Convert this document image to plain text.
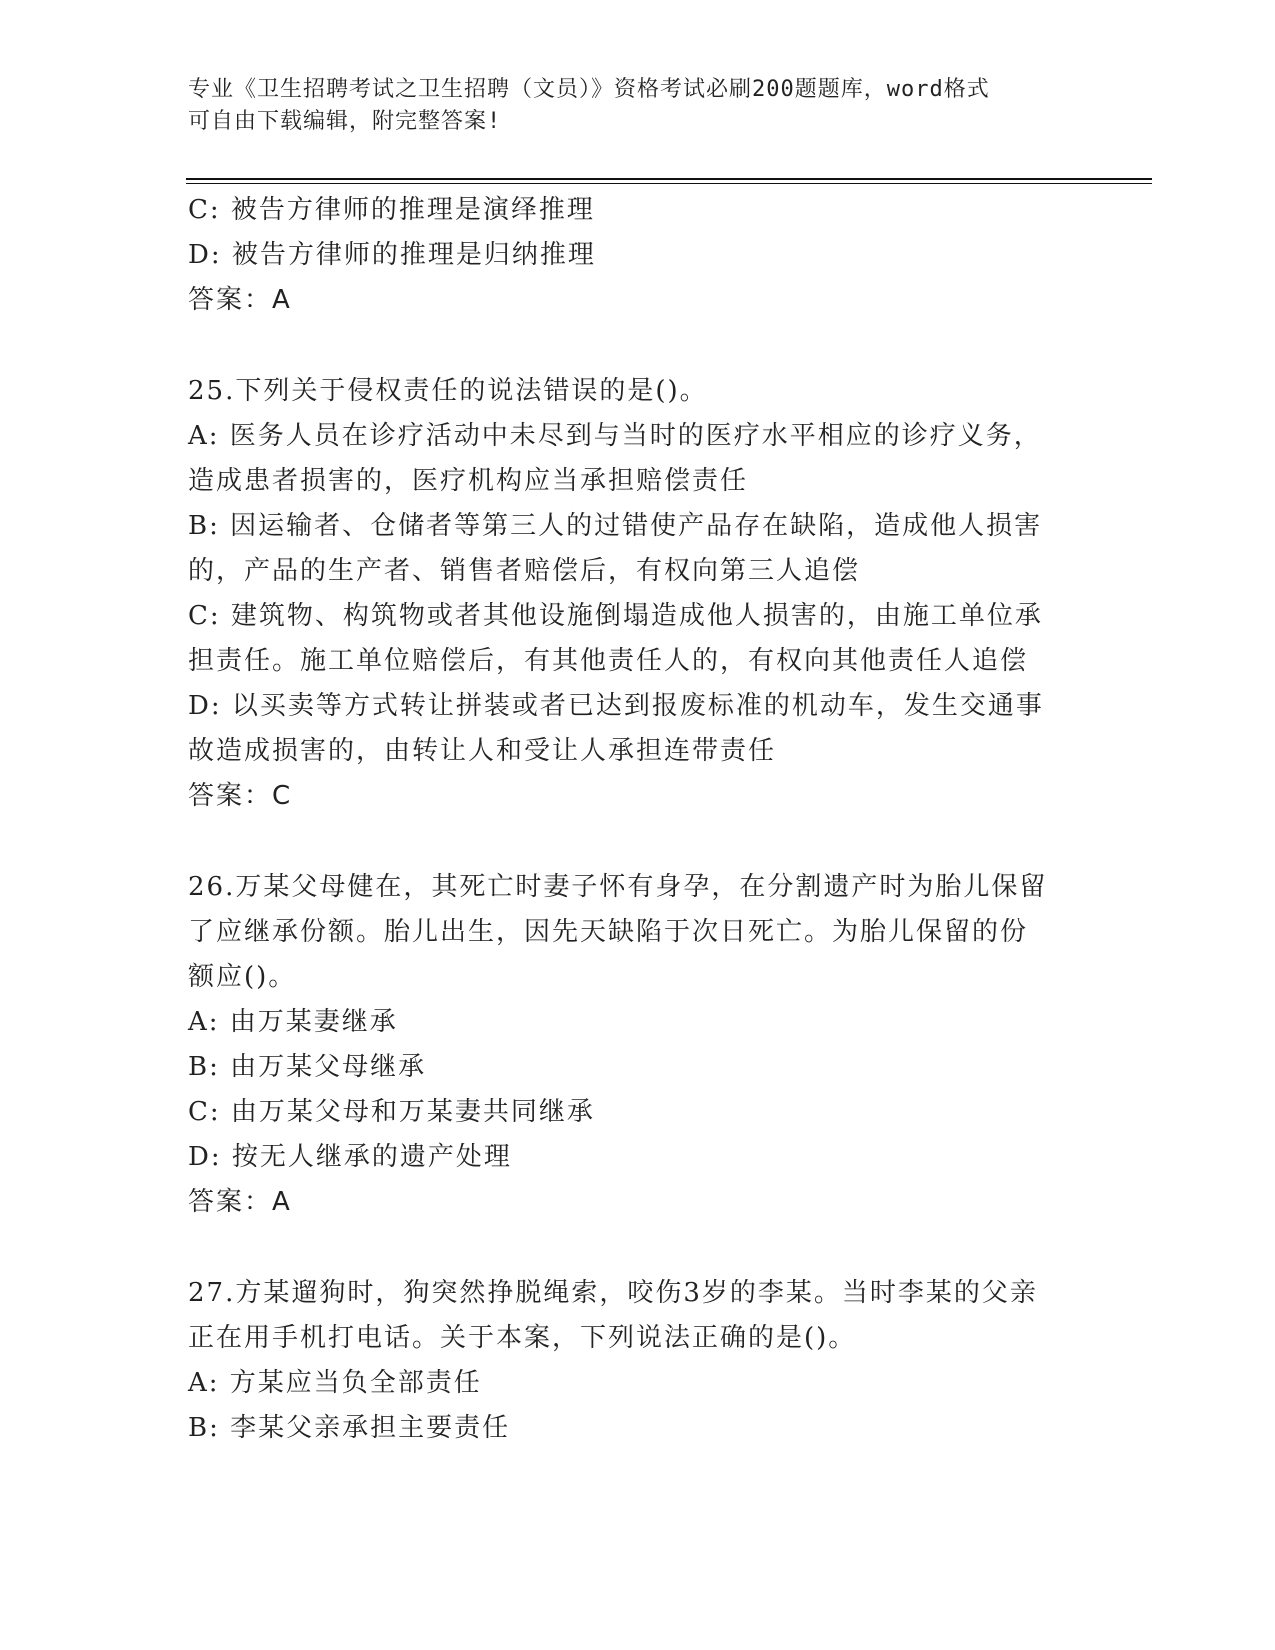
专业《卫生招聘考试之卫生招聘（文员）》资格考试必刷200题题库，word格式
可自由下载编辑，附完整答案!
C: 被告方律师的推理是演绎推理
D: 被告方律师的推理是归纳推理
答案：A
25.下列关于侵权责任的说法错误的是()。
A: 医务人员在诊疗活动中未尽到与当时的医疗水平相应的诊疗义务，
造成患者损害的，医疗机构应当承担赔偿责任
B: 因运输者、仓储者等第三人的过错使产品存在缺陷，造成他人损害
的，产品的生产者、销售者赔偿后，有权向第三人追偿
C: 建筑物、构筑物或者其他设施倒塌造成他人损害的，由施工单位承
担责任。施工单位赔偿后，有其他责任人的，有权向其他责任人追偿
D: 以买卖等方式转让拼装或者已达到报废标准的机动车，发生交通事
故造成损害的，由转让人和受让人承担连带责任
答案：C
26.万某父母健在，其死亡时妻子怀有身孕，在分割遗产时为胎儿保留
了应继承份额。胎儿出生，因先天缺陷于次日死亡。为胎儿保留的份
额应()。
A: 由万某妻继承
B: 由万某父母继承
C: 由万某父母和万某妻共同继承
D: 按无人继承的遗产处理
答案：A
27.方某遛狗时，狗突然挣脱绳索，咬伤3岁的李某。当时李某的父亲
正在用手机打电话。关于本案，下列说法正确的是()。
A: 方某应当负全部责任
B: 李某父亲承担主要责任
